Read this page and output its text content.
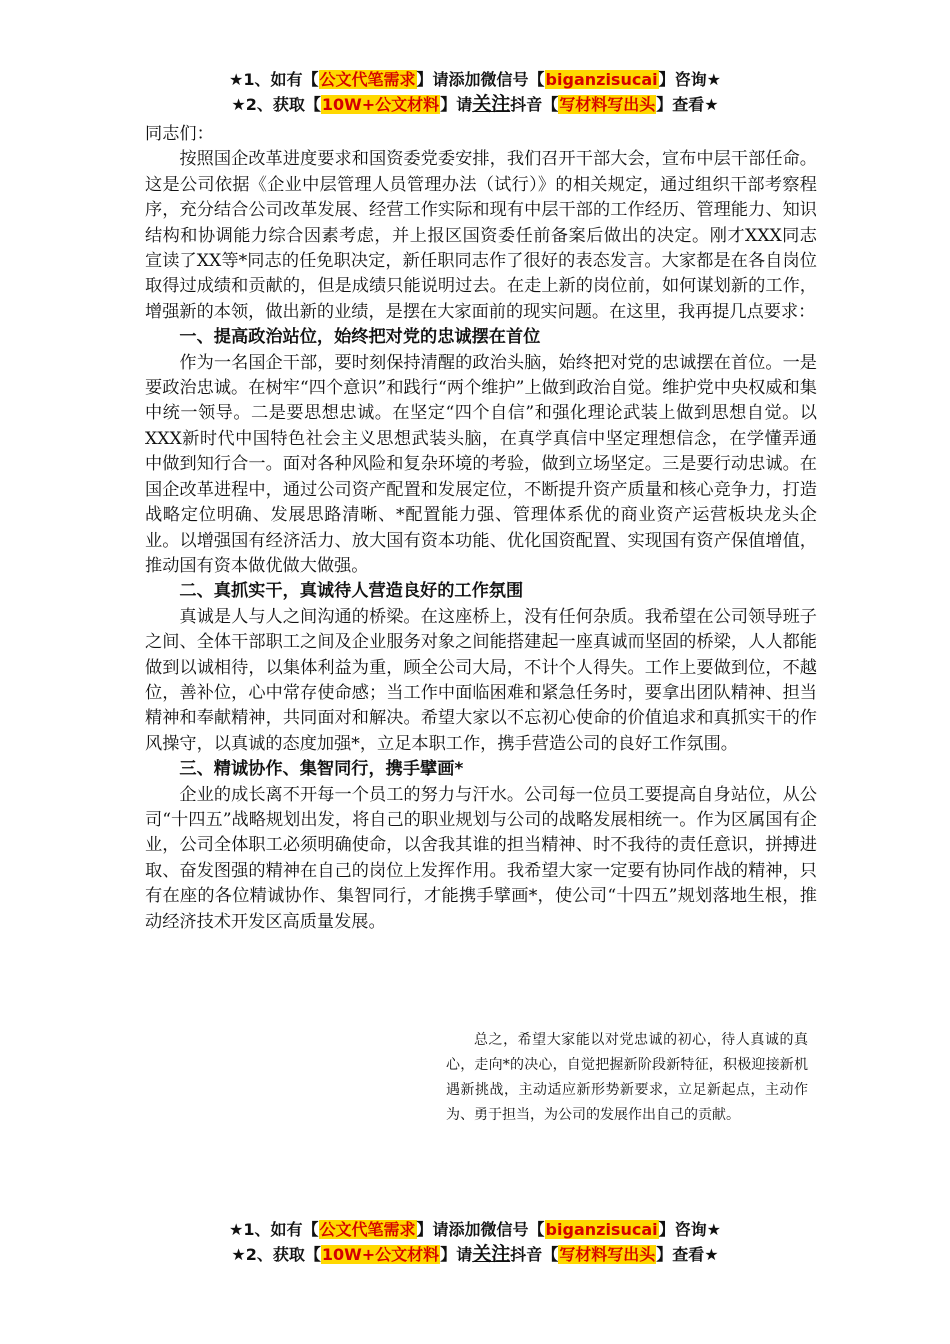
★1、如有【公文代笔需求】请添加微信号【biganzisucai】咨询★
★2、获取【10W+公文材料】请关注抖音【写材料写出头】查看★

同志们：

按照国企改革进度要求和国资委党委安排，我们召开干部大会，宣布中层干部任命。这是公司依据《企业中层管理人员管理办法（试行）》的相关规定，通过组织干部考察程序，充分结合公司改革发展、经营工作实际和现有中层干部的工作经历、管理能力、知识结构和协调能力综合因素考虑，并上报区国资委任前备案后做出的决定。刚才XXX同志宣读了XX等*同志的任免职决定，新任职同志作了很好的表态发言。大家都是在各自岗位取得过成绩和贡献的，但是成绩只能说明过去。在走上新的岗位前，如何谋划新的工作，增强新的本领，做出新的业绩，是摆在大家面前的现实问题。在这里，我再提几点要求：

一、提高政治站位，始终把对党的忠诚摆在首位

作为一名国企干部，要时刻保持清醒的政治头脑，始终把对党的忠诚摆在首位。一是要政治忠诚。在树牢“四个意识”和践行“两个维护”上做到政治自觉。维护党中央权威和集中统一领导。二是要思想忠诚。在坚定“四个自信”和强化理论武装上做到思想自觉。以XXX新时代中国特色社会主义思想武装头脑，在真学真信中坚定理想信念，在学懂弄通中做到知行合一。面对各种风险和复杂环境的考验，做到立场坚定。三是要行动忠诚。在国企改革进程中，通过公司资产配置和发展定位，不断提升资产质量和核心竞争力，打造战略定位明确、发展思路清晰、*配置能力强、管理体系优的商业资产运营板块龙头企业。以增强国有经济活力、放大国有资本功能、优化国资配置、实现国有资产保值增值，推动国有资本做优做大做强。

二、真抓实干，真诚待人营造良好的工作氛围

真诚是人与人之间沟通的桥梁。在这座桥上，没有任何杂质。我希望在公司领导班子之间、全体干部职工之间及企业服务对象之间能搭建起一座真诚而坚固的桥梁，人人都能做到以诚相待，以集体利益为重，顾全公司大局，不计个人得失。工作上要做到位，不越位，善补位，心中常存使命感；当工作中面临困难和紧急任务时，要拿出团队精神、担当精神和奉献精神，共同面对和解决。希望大家以不忘初心使命的价值追求和真抓实干的作风操守，以真诚的态度加强*，立足本职工作，携手营造公司的良好工作氛围。

三、精诚协作、集智同行，携手擘画*

企业的成长离不开每一个员工的努力与汗水。公司每一位员工要提高自身站位，从公司“十四五”战略规划出发，将自己的职业规划与公司的战略发展相统一。作为区属国有企业，公司全体职工必须明确使命，以舍我其谁的担当精神、时不我待的责任意识，拼搏进取、奋发图强的精神在自己的岗位上发挥作用。我希望大家一定要有协同作战的精神，只有在座的各位精诚协作、集智同行，才能携手擘画*，使公司“十四五”规划落地生根，推动经济技术开发区高质量发展。

总之，希望大家能以对党忠诚的初心，待人真诚的真心，走向*的决心，自觉把握新阶段新特征，积极迎接新机遇新挑战，主动适应新形势新要求，立足新起点，主动作为、勇于担当，为公司的发展作出自己的贡献。

★1、如有【公文代笔需求】请添加微信号【biganzisucai】咨询★
★2、获取【10W+公文材料】请关注抖音【写材料写出头】查看★
